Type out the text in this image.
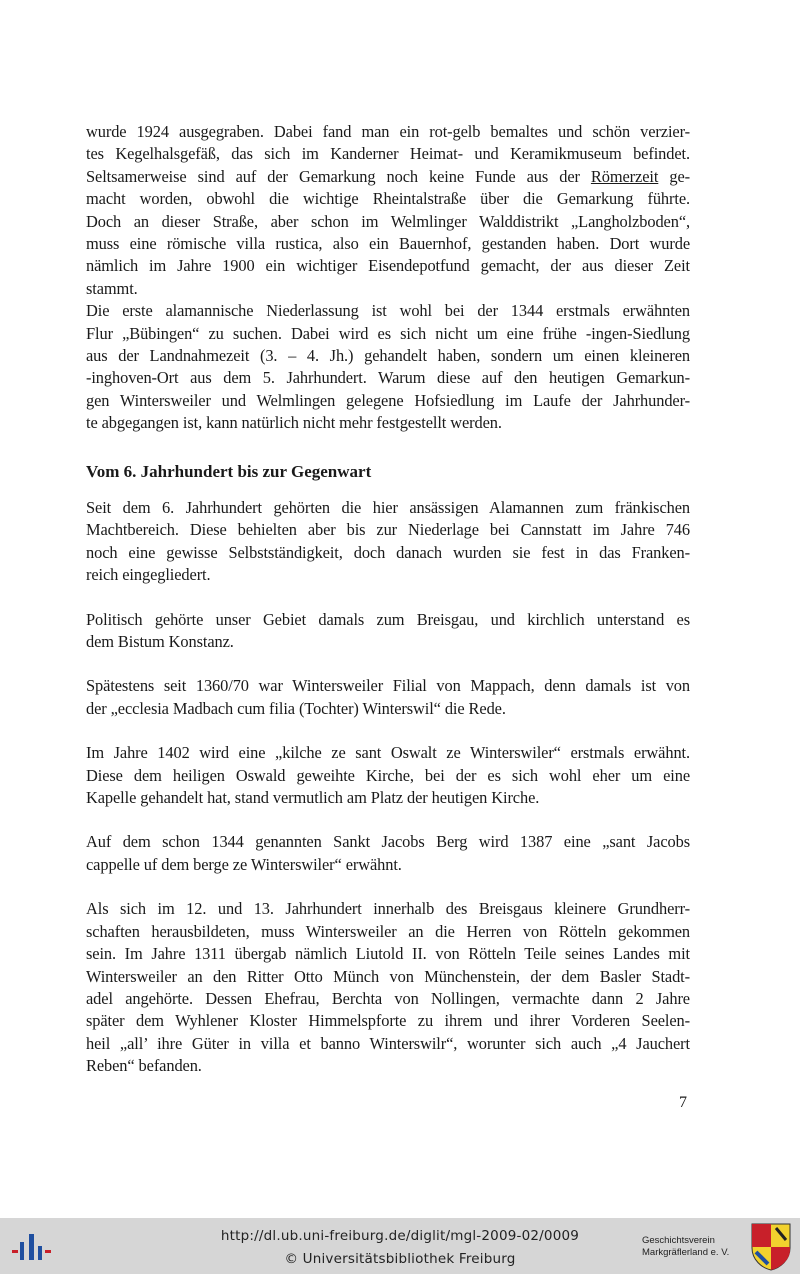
wurde 1924 ausgegraben. Dabei fand man ein rot-gelb bemaltes und schön verzier-

tes Kegelhalsgefäß, das sich im Kanderner Heimat- und Keramikmuseum befindet.

Seltsamerweise sind auf der Gemarkung noch keine Funde aus der Römerzeit ge-

macht worden, obwohl die wichtige Rheintalstraße über die Gemarkung führte.

Doch an dieser Straße, aber schon im Welmlinger Walddistrikt „Langholzboden“,

muss eine römische villa rustica, also ein Bauernhof, gestanden haben. Dort wurde

nämlich im Jahre 1900 ein wichtiger Eisendepotfund gemacht, der aus dieser Zeit

stammt.

Die erste alamannische Niederlassung ist wohl bei der 1344 erstmals erwähnten

Flur „Bübingen“ zu suchen. Dabei wird es sich nicht um eine frühe -ingen-Siedlung

aus der Landnahmezeit (3. – 4. Jh.) gehandelt haben, sondern um einen kleineren

-inghoven-Ort aus dem 5. Jahrhundert. Warum diese auf den heutigen Gemarkun-

gen Wintersweiler und Welmlingen gelegene Hofsiedlung im Laufe der Jahrhunder-

te abgegangen ist, kann natürlich nicht mehr festgestellt werden.

Vom 6. Jahrhundert bis zur Gegenwart

Seit dem 6. Jahrhundert gehörten die hier ansässigen Alamannen zum fränkischen

Machtbereich. Diese behielten aber bis zur Niederlage bei Cannstatt im Jahre 746

noch eine gewisse Selbstständigkeit, doch danach wurden sie fest in das Franken-

reich eingegliedert.

Politisch gehörte unser Gebiet damals zum Breisgau, und kirchlich unterstand es

dem Bistum Konstanz.

Spätestens seit 1360/70 war Wintersweiler Filial von Mappach, denn damals ist von

der „ecclesia Madbach cum filia (Tochter) Winterswil“ die Rede.

Im Jahre 1402 wird eine „kilche ze sant Oswalt ze Winterswiler“ erstmals erwähnt.

Diese dem heiligen Oswald geweihte Kirche, bei der es sich wohl eher um eine

Kapelle gehandelt hat, stand vermutlich am Platz der heutigen Kirche.

Auf dem schon 1344 genannten Sankt Jacobs Berg wird 1387 eine „sant Jacobs

cappelle uf dem berge ze Winterswiler“ erwähnt.

Als sich im 12. und 13. Jahrhundert innerhalb des Breisgaus kleinere Grundherr-

schaften herausbildeten, muss Wintersweiler an die Herren von Rötteln gekommen

sein. Im Jahre 1311 übergab nämlich Liutold II. von Rötteln Teile seines Landes mit

Wintersweiler an den Ritter Otto Münch von Münchenstein, der dem Basler Stadt-

adel angehörte. Dessen Ehefrau, Berchta von Nollingen, vermachte dann 2 Jahre

später dem Wyhlener Kloster Himmelspforte zu ihrem und ihrer Vorderen Seelen-

heil „all’ ihre Güter in villa et banno Winterswilr“, worunter sich auch „4 Jauchert

Reben“ befanden.

7
http://dl.ub.uni-freiburg.de/diglit/mgl-2009-02/0009
© Universitätsbibliothek Freiburg
Geschichtsverein
Markgräflerland e. V.
